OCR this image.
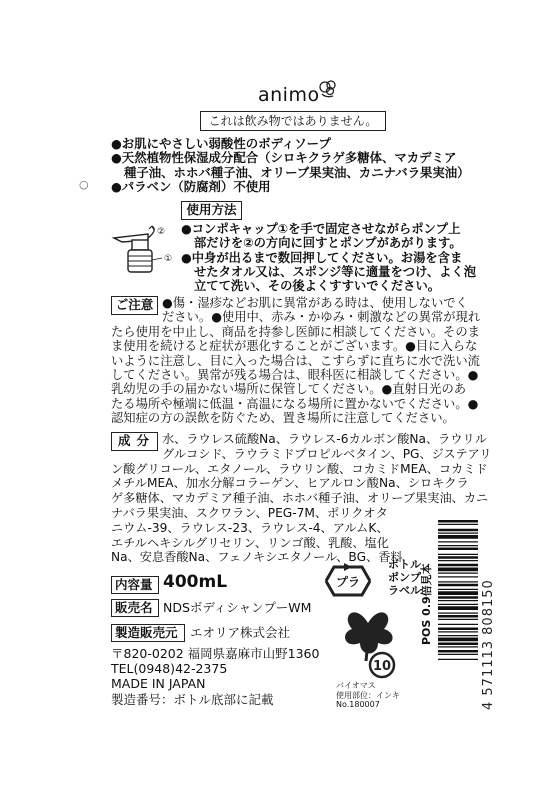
animo
これは飲み物ではありません。

●お肌にやさしい弱酸性のボディソープ

●天然植物性保湿成分配合（シロキクラゲ多糖体、マカデミア

種子油、ホホバ種子油、オリーブ果実油、カニナバラ果実油）

●パラベン（防腐剤）不使用

○
使用方法
②
①

●コンポキャップ①を手で固定させながらポンプ上

部だけを②の方向に回すとポンプがあがります。

●中身が出るまで数回押してください。お湯を含ま

せたタオル又は、スポンジ等に適量をつけ、よく泡

立てて洗い、その後よくすすいでください。

ご注意 ●傷・湿疹などお肌に異常がある時は、使用しないでく

ださい。●使用中、赤み・かゆみ・刺激などの異常が現れ

たら使用を中止し、商品を持参し医師に相談してください。そのま

ま使用を続けると症状が悪化することがございます。●目に入らな

いように注意し、目に入った場合は、こすらずに直ちに水で洗い流

してください。異常が残る場合は、眼科医に相談してください。●

乳幼児の手の届かない場所に保管してください。●直射日光のあ

たる場所や極端に低温・高温になる場所に置かないでください。●

認知症の方の誤飲を防ぐため、置き場所に注意してください。

成分 水、ラウレス硫酸Na、ラウレス-6カルボン酸Na、ラウリル

グルコシド、ラウラミドプロピルベタイン、PG、ジステアリ

ン酸グリコール、エタノール、ラウリン酸、コカミドMEA、コカミド

メチルMEA、加水分解コラーゲン、ヒアルロン酸Na、シロキクラ

ゲ多糖体、マカデミア種子油、ホホバ種子油、オリーブ果実油、カニ

ナバラ果実油、スクワラン、PEG-7M、ポリクオタ

ニウム-39、ラウレス-23、ラウレス-4、アルムK、

エチルヘキシルグリセリン、リンゴ酸、乳酸、塩化

Na、安息香酸Na、フェノキシエタノール、BG、香料

内容量 400mL
販売名 NDSボディシャンプーWM
製造販売元 エオリア株式会社

〒820-0202 福岡県嘉麻市山野1360

TEL(0948)42-2375

MADE IN JAPAN

製造番号：ボトル底部に記載

プラ

ボトル

ポンプ

ラベル

10

バイオマス

使用部位：インキ

No.180007	4 571113 808150
POS 0.9倍見本
